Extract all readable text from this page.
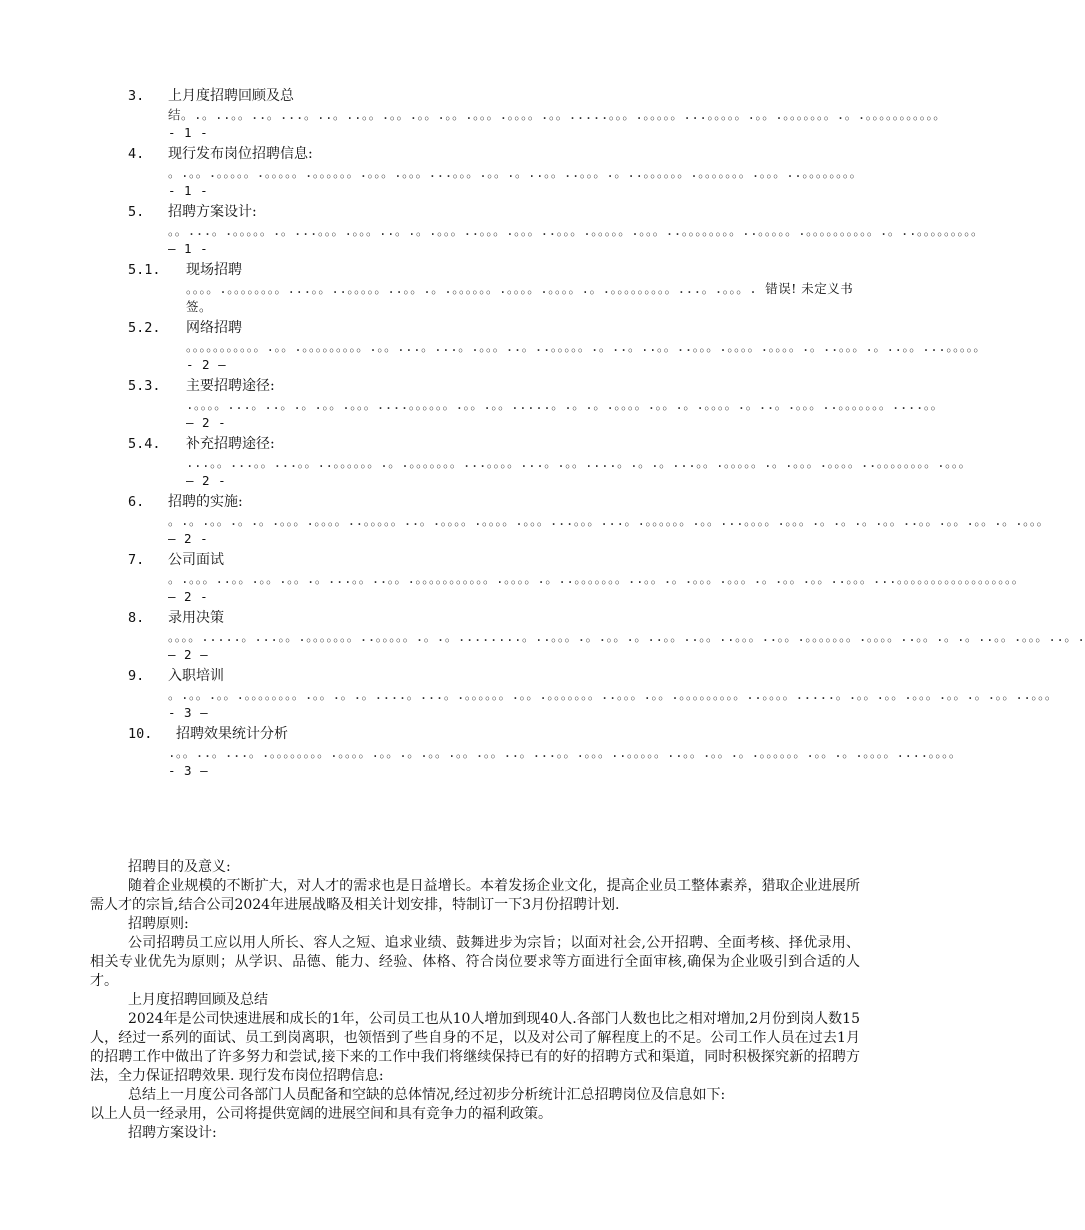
3.	上月度招聘回顾及总
结。.。..。。..。...。..。..。。.。。.。。.。。.。。。.。。。。.。。.....。。。.。。。。。...。。。。。.。。.。。。。。。。.。.。。。。。。。。。。。 - 1 -
4.	现行发布岗位招聘信息:
。.。。.。。。。。.。。。。。.。。。。。。.。。。.。。。...。。。.。。.。..。。..。。。.。..。。。。。。.。。。。。。。.。。。..。。。。。。。。 - 1 -
5.	招聘方案设计:
。。...。.。。。。。.。...。。。.。。。..。.。.。。。..。。。.。。。..。。。.。。。。。.。。。..。。。。。。。。..。。。。。.。。。。。。。。。。.。..。。。。。。。。。 — 1 -
5.1.	现场招聘
。。。。.。。。。。。。。...。。..。。。。。..。。.。.。。。。。。.。。。。.。。。。.。.。。。。。。。。。...。.。。。. 错误! 未定义书签。
5.2.	网络招聘
。。。。。。。。。。。.。。.。。。。。。。。。.。。...。...。.。。。..。..。。。。。.。..。..。。..。。。.。。。。.。。。。.。..。。。.。..。。...。。。。。 - 2 —
5.3.	主要招聘途径:
.。。。。...。..。.。.。。.。。。....。。。。。。.。。.。。.....。.。.。.。。。。.。。.。.。。。。.。..。.。。。..。。。。。。。....。。 — 2 -
5.4.	补充招聘途径:
...。。...。。...。。..。。。。。。.。.。。。。。。。...。。。。...。.。。....。.。.。...。。.。。。。。.。.。。。.。。。。..。。。。。。。。.。。。 — 2 -
6.	招聘的实施:
。.。.。。.。.。.。。。.。。。。..。。。。。..。.。。。。.。。。。.。。。...。。。...。.。。。。。。.。。...。。。。.。。。.。.。.。.。。..。。.。。.。。.。.。。。 — 2 -
7.	公司面试
。.。。。..。。.。。.。。.。...。。..。。.。。。。。。。。。。。.。。。。.。..。。。。。。。..。。.。.。。。.。。。.。.。。.。。..。。。...。。。。。。。。。。。。。。。。。。 — 2 -
8.	录用决策
。。。。.....。...。。.。。。。。。。..。。。。。.。.。........。..。。。.。.。。.。..。。..。。..。。。..。。.。。。。。。。.。。。。..。。.。.。..。。.。。。..。. — 2 —
9.	入职培训
。.。。.。。.。。。。。。。。.。。.。.。....。...。.。。。。。。.。。.。。。。。。。..。。。.。。.。。。。。。。。。..。。。。.....。.。。.。。.。。。.。。.。.。。..。。。 - 3 —
10.	招聘效果统计分析
.。。..。...。.。。。。。。。。.。。。。.。。.。.。。.。。.。。..。...。。.。。。..。。。。。..。。.。。.。.。。。。。。.。。.。.。。。。....。。。。 - 3 —

招聘目的及意义:

随着企业规模的不断扩大，对人才的需求也是日益增长。本着发扬企业文化，提高企业员工整体素养，猎取企业进展所需人才的宗旨,结合公司2024年进展战略及相关计划安排，特制订一下3月份招聘计划.

招聘原则:

公司招聘员工应以用人所长、容人之短、追求业绩、鼓舞进步为宗旨；以面对社会,公开招聘、全面考核、择优录用、相关专业优先为原则；从学识、品德、能力、经验、体格、符合岗位要求等方面进行全面审核,确保为企业吸引到合适的人才。

上月度招聘回顾及总结

2024年是公司快速进展和成长的1年，公司员工也从10人增加到现40人.各部门人数也比之相对增加,2月份到岗人数15人，经过一系列的面试、员工到岗离职，也领悟到了些自身的不足，以及对公司了解程度上的不足。公司工作人员在过去1月的招聘工作中做出了许多努力和尝试,接下来的工作中我们将继续保持已有的好的招聘方式和渠道，同时积极探究新的招聘方法，全力保证招聘效果. 现行发布岗位招聘信息:

总结上一月度公司各部门人员配备和空缺的总体情况,经过初步分析统计汇总招聘岗位及信息如下:

以上人员一经录用，公司将提供宽阔的进展空间和具有竞争力的福利政策。

招聘方案设计:
